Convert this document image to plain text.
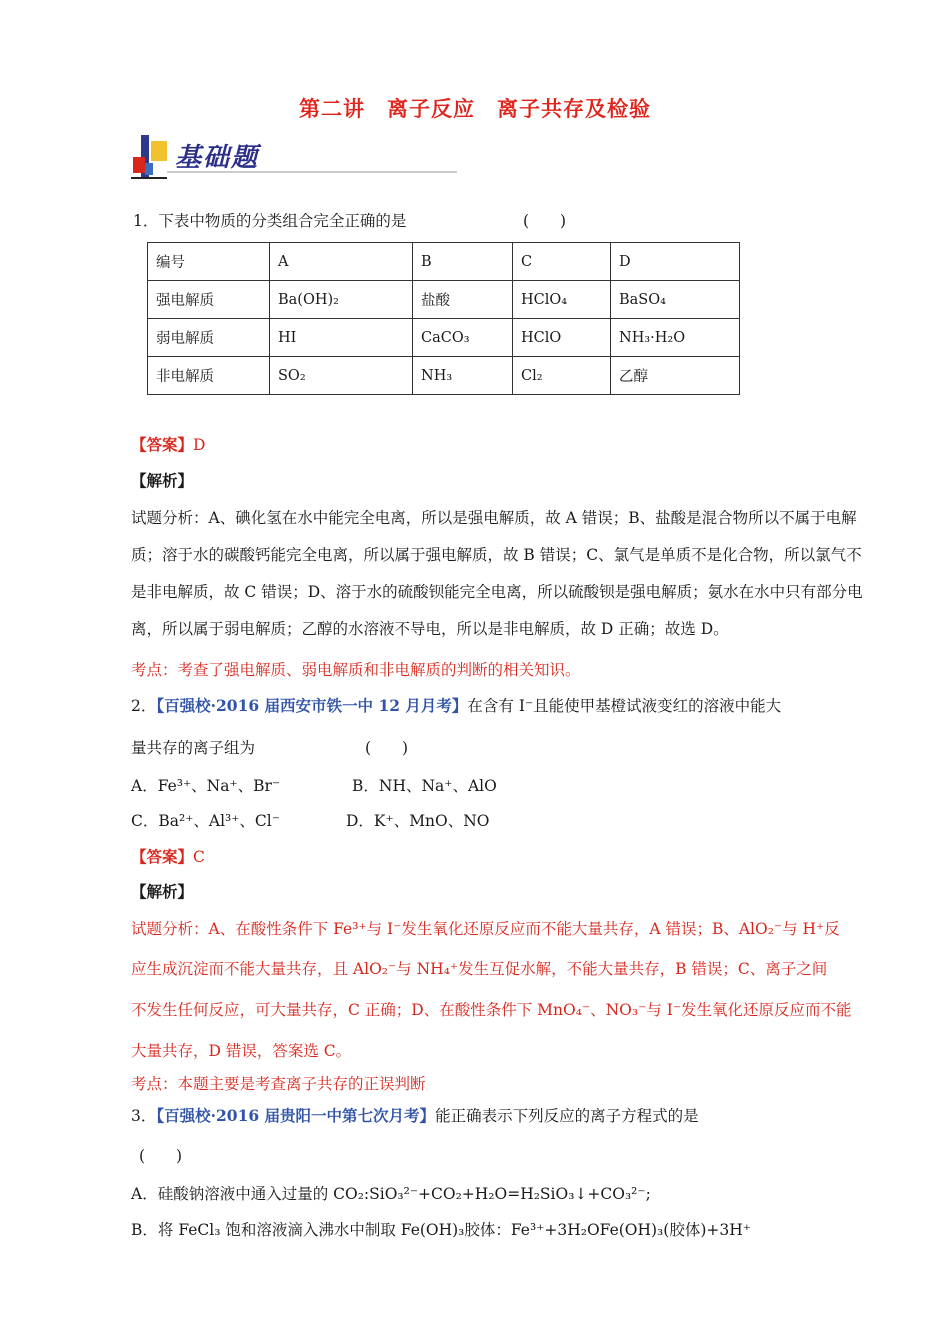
第二讲　离子反应　离子共存及检验
基础题
1．下表中物质的分类组合完全正确的是	(　　)
编号	A	B	C	D
强电解质	Ba(OH)₂	盐酸	HClO₄	BaSO₄
弱电解质	HI	CaCO₃	HClO	NH₃·H₂O
非电解质	SO₂	NH₃	Cl₂	乙醇
【答案】D
【解析】
试题分析：A、碘化氢在水中能完全电离，所以是强电解质，故 A 错误；B、盐酸是混合物所以不属于电解
质；溶于水的碳酸钙能完全电离，所以属于强电解质，故 B 错误；C、氯气是单质不是化合物，所以氯气不
是非电解质，故 C 错误；D、溶于水的硫酸钡能完全电离，所以硫酸钡是强电解质；氨水在水中只有部分电
离，所以属于弱电解质；乙醇的水溶液不导电，所以是非电解质，故 D 正确；故选 D。
考点：考查了强电解质、弱电解质和非电解质的判断的相关知识。
2．【百强校·2016 届西安市铁一中 12 月月考】在含有 I⁻且能使甲基橙试液变红的溶液中能大
量共存的离子组为	(　　)
A．Fe³⁺、Na⁺、Br⁻	B．NH、Na⁺、AlO
C．Ba²⁺、Al³⁺、Cl⁻	D．K⁺、MnO、NO
【答案】C
【解析】
试题分析：A、在酸性条件下 Fe³⁺与 I⁻发生氧化还原反应而不能大量共存，A 错误；B、AlO₂⁻与 H⁺反
应生成沉淀而不能大量共存，且 AlO₂⁻与 NH₄⁺发生互促水解，不能大量共存，B 错误；C、离子之间
不发生任何反应，可大量共存，C 正确；D、在酸性条件下 MnO₄⁻、NO₃⁻与 I⁻发生氧化还原反应而不能
大量共存，D 错误，答案选 C。
考点：本题主要是考查离子共存的正误判断
3．【百强校·2016 届贵阳一中第七次月考】能正确表示下列反应的离子方程式的是
(　　)
A．硅酸钠溶液中通入过量的 CO₂:SiO₃²⁻+CO₂+H₂O=H₂SiO₃↓+CO₃²⁻;
B．将 FeCl₃ 饱和溶液滴入沸水中制取 Fe(OH)₃胶体：Fe³⁺+3H₂OFe(OH)₃(胶体)+3H⁺
